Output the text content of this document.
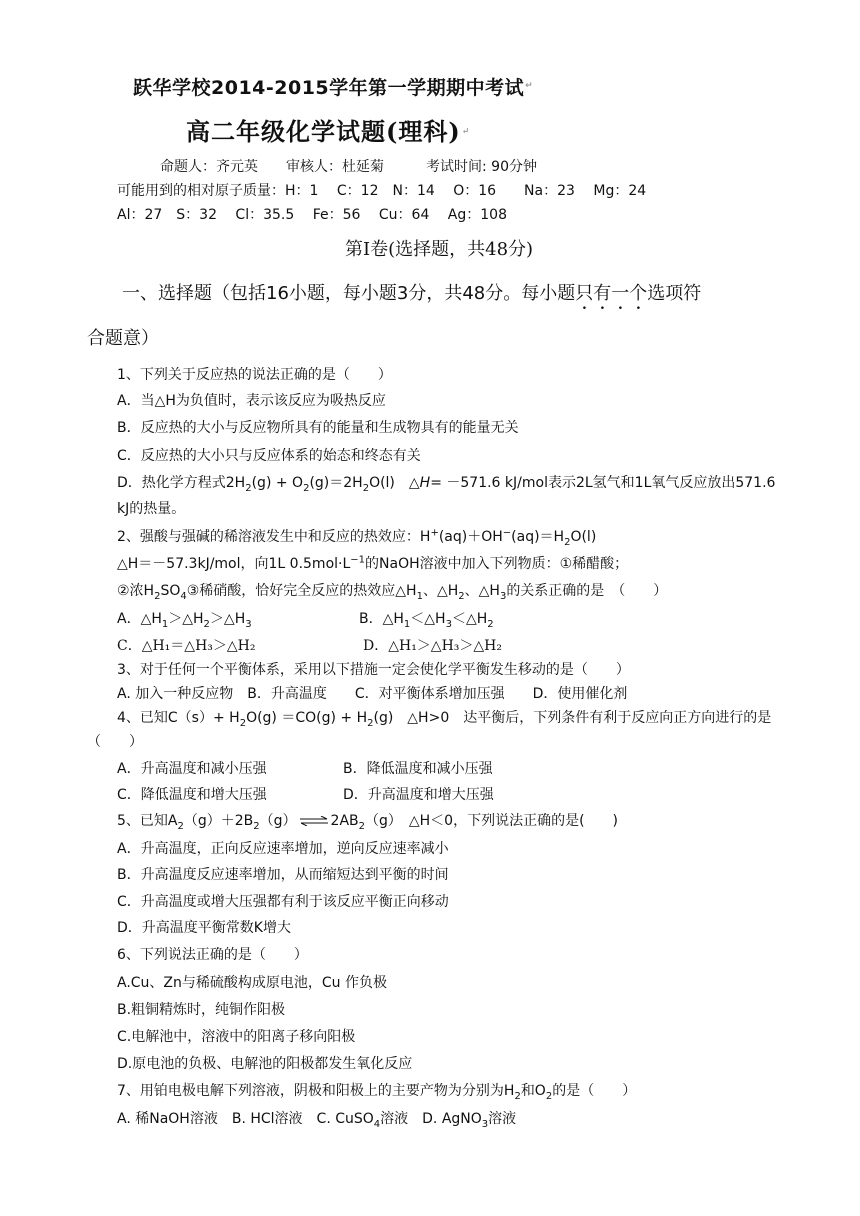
跃华学校2014-2015学年第一学期期中考试↵

高二年级化学试题(理科)↵

命题人：齐元英　　审核人：杜延菊　　　考试时间: 90分钟

可能用到的相对原子质量：H：1　 C：12　N：14　 O：16　　Na：23　 Mg：24

Al：27　S：32　 Cl：35.5　 Fe：56　 Cu：64　 Ag：108

第Ⅰ卷(选择题，共48分)

一、选择题（包括16小题，每小题3分，共48分。每小题只有一个选项符

合题意）

1、下列关于反应热的说法正确的是（　　）

A．当△H为负值时，表示该反应为吸热反应

B．反应热的大小与反应物所具有的能量和生成物具有的能量无关

C．反应热的大小只与反应体系的始态和终态有关

D．热化学方程式$2H_2(g) + O_2(g)=2H_2O(l)$　△H= －571.6 kJ/mol表示2L氢气和1L氧气反应放出571.6

kJ的热量。

2、强酸与强碱的稀溶液发生中和反应的热效应：$H^+(aq)+OH^-(aq)=H_2O(l)$

△H＝－57.3kJ/mol，向1L $0.5mol\cdot L^{-1}$的NaOH溶液中加入下列物质：①稀醋酸；

②浓$H_2SO_4③$稀硝酸，恰好完全反应的热效应$\triangle H_1$、$\triangle H_2$、$\triangle H_3$的关系正确的是　（　　）

A．$\triangle H_1>\triangle H_2>\triangle H_3$	B．$\triangle H_1<\triangle H_3<\triangle H_2$

C．△H₁＝△H₃＞△H₂	D．△H₁＞△H₃＞△H₂

3、对于任何一个平衡体系，采用以下措施一定会使化学平衡发生移动的是（　　）

A. 加入一种反应物　B．升高温度　　C．对平衡体系增加压强　　D．使用催化剂

4、已知$C(s)+ H_2O(g) =CO(g) + H_2(g)$　△H>0　达平衡后，下列条件有利于反应向正方向进行的是

（　　）

A．升高温度和减小压强	B．降低温度和减小压强

C．降低温度和增大压强	D．升高温度和增大压强

5、已知$A_2(g)+2B_2(g)$ ⇌ $2AB_2(g)$　△H＜0，下列说法正确的是(　　)

A．升高温度，正向反应速率增加，逆向反应速率减小

B．升高温度反应速率增加，从而缩短达到平衡的时间

C．升高温度或增大压强都有利于该反应平衡正向移动

D．升高温度平衡常数K增大

6、下列说法正确的是（　　）

A.Cu、Zn与稀硫酸构成原电池，Cu 作负极

B.粗铜精炼时，纯铜作阳极

C.电解池中，溶液中的阳离子移向阳极

D.原电池的负极、电解池的阳极都发生氧化反应

7、用铂电极电解下列溶液，阴极和阳极上的主要产物为分别为$H_2$和$O_2$的是（　　）

A. 稀NaOH溶液　B. HCl溶液　C. CuSO$_4$溶液　D. AgNO$_3$溶液
